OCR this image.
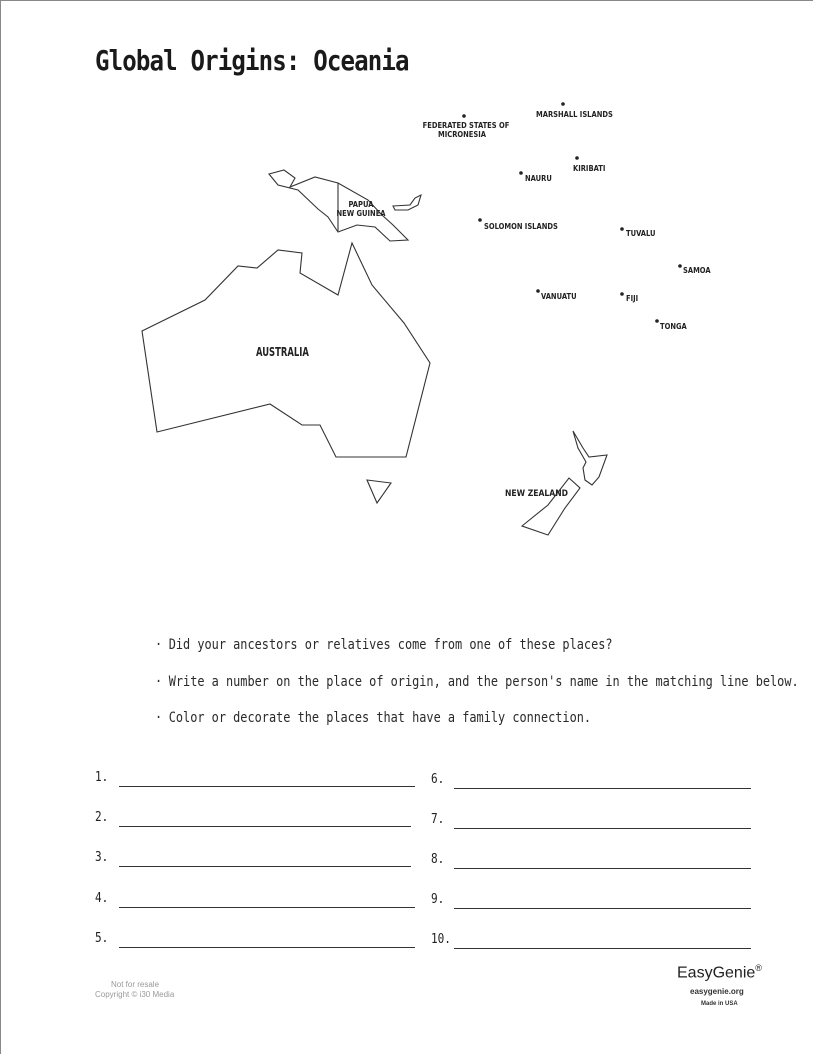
Global Origins: Oceania
AUSTRALIA
PAPUA
NEW GUINEA
NEW ZEALAND
FEDERATED STATES OF
MICRONESIA
MARSHALL ISLANDS
KIRIBATI
NAURU
SOLOMON ISLANDS
TUVALU
SAMOA
VANUATU	FIJI
TONGA
· Did your ancestors or relatives come from one of these places?
· Write a number on the place of origin, and the person's name in the matching line below.
· Color or decorate the places that have a family connection.
1.
2.
3.
4.
5.
6.
7.
8.
9.
10.
Not for resale
Copyright © i30 Media
EasyGenie®
easygenie.org
Made in USA
